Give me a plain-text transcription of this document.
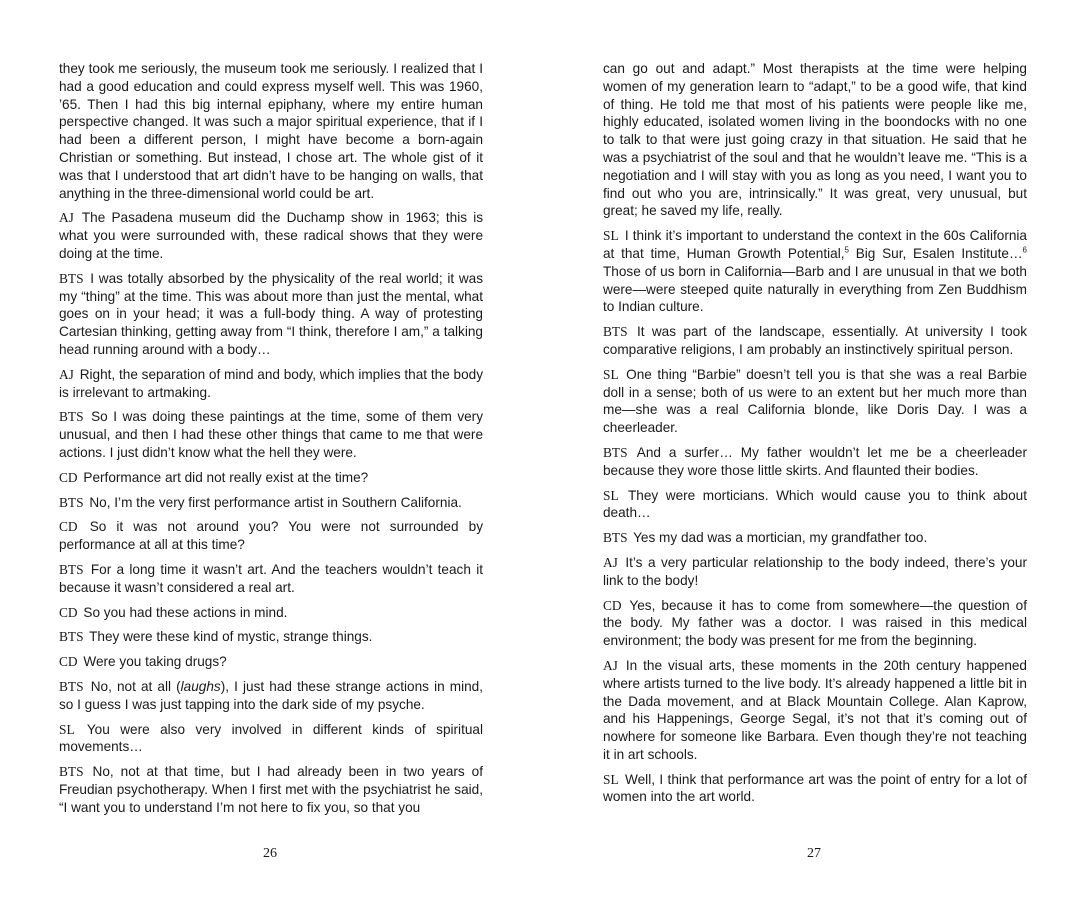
they took me seriously, the museum took me seriously. I realized that I had a good education and could express myself well. This was 1960, ’65. Then I had this big internal epiphany, where my entire human perspective changed. It was such a major spiritual experience, that if I had been a different person, I might have become a born-again Christian or something. But instead, I chose art. The whole gist of it was that I understood that art didn’t have to be hanging on walls, that anything in the three-dimensional world could be art.

AJ The Pasadena museum did the Duchamp show in 1963; this is what you were surrounded with, these radical shows that they were doing at the time.

BTS I was totally absorbed by the physicality of the real world; it was my “thing” at the time. This was about more than just the mental, what goes on in your head; it was a full-body thing. A way of protesting Cartesian thinking, getting away from “I think, therefore I am,” a talking head running around with a body…

AJ Right, the separation of mind and body, which implies that the body is irrelevant to artmaking.

BTS So I was doing these paintings at the time, some of them very unusual, and then I had these other things that came to me that were actions. I just didn’t know what the hell they were.

CD Performance art did not really exist at the time?

BTS No, I’m the very first performance artist in Southern California.

CD So it was not around you? You were not surrounded by performance at all at this time?

BTS For a long time it wasn’t art. And the teachers wouldn’t teach it because it wasn’t considered a real art.

CD So you had these actions in mind.

BTS They were these kind of mystic, strange things.

CD Were you taking drugs?

BTS No, not at all (laughs), I just had these strange actions in mind, so I guess I was just tapping into the dark side of my psyche.

SL You were also very involved in different kinds of spiritual movements…

BTS No, not at that time, but I had already been in two years of Freudian psychotherapy. When I first met with the psychiatrist he said, “I want you to understand I’m not here to fix you, so that you

can go out and adapt.” Most therapists at the time were helping women of my generation learn to “adapt,” to be a good wife, that kind of thing. He told me that most of his patients were people like me, highly educated, isolated women living in the boondocks with no one to talk to that were just going crazy in that situation. He said that he was a psychiatrist of the soul and that he wouldn’t leave me. “This is a negotiation and I will stay with you as long as you need, I want you to find out who you are, intrinsically.” It was great, very unusual, but great; he saved my life, really.

SL I think it’s important to understand the context in the 60s California at that time, Human Growth Potential,$^5$ Big Sur, Esalen Institute…$^6$ Those of us born in California—Barb and I are unusual in that we both were—were steeped quite naturally in everything from Zen Buddhism to Indian culture.

BTS It was part of the landscape, essentially. At university I took comparative religions, I am probably an instinctively spiritual person.

SL One thing “Barbie” doesn’t tell you is that she was a real Barbie doll in a sense; both of us were to an extent but her much more than me—she was a real California blonde, like Doris Day. I was a cheerleader.

BTS And a surfer… My father wouldn’t let me be a cheerleader because they wore those little skirts. And flaunted their bodies.

SL They were morticians. Which would cause you to think about death…

BTS Yes my dad was a mortician, my grandfather too.

AJ It’s a very particular relationship to the body indeed, there’s your link to the body!

CD Yes, because it has to come from somewhere—the question of the body. My father was a doctor. I was raised in this medical environment; the body was present for me from the beginning.

AJ In the visual arts, these moments in the 20th century happened where artists turned to the live body. It’s already happened a little bit in the Dada movement, and at Black Mountain College. Alan Kaprow, and his Happenings, George Segal, it’s not that it’s coming out of nowhere for someone like Barbara. Even though they’re not teaching it in art schools.

SL Well, I think that performance art was the point of entry for a lot of women into the art world.

26	27
